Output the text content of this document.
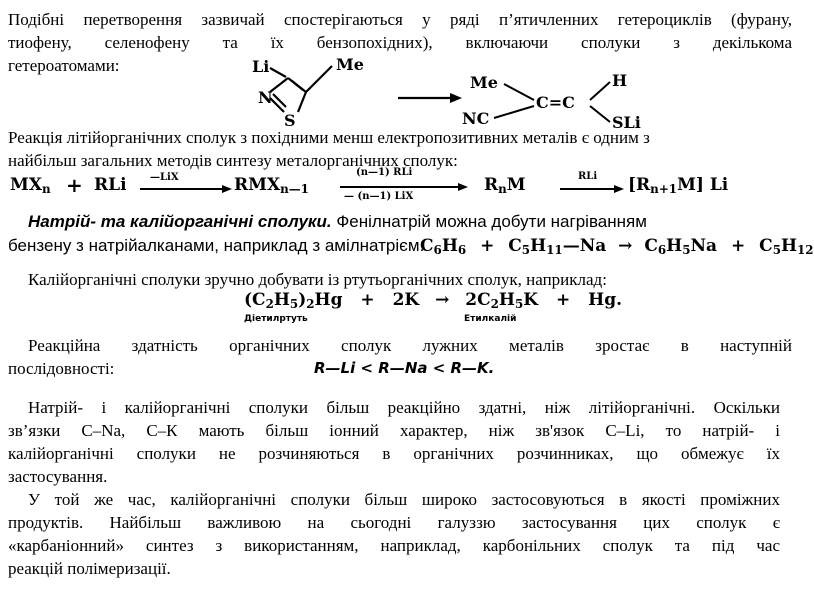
Подібні перетворення зазвичай спостерігаються у ряді п’ятичленних гетероциклів (фурану,
тиофену, селенофену та їх бензопохідних), включаючи сполуки з декількома
гетероатомами:	Li	Me
N
S
Me	H
NC	SLi
C=C
Реакція літійорганічних сполук з похідними менш електропозитивних металів є одним з
найбільш загальних методів синтезу металорганічних сполук:
$MX_n$ + RLi —LiX	$RMX_{n—1}$
(n—1) RLi
— (n—1) LiX
$R_nM$	RLi $[R_{n+1}M]$ Li
Натрій- та калійорганічні сполуки. Фенілнатрій можна добути нагріванням
бензену з натрійалканами, наприклад з амілнатрієм:
$C_6H_6$ + $C_5H_{11}—Na \to C_6H_5Na + C_5H_{12}$
Калійорганічні сполуки зручно добувати із ртутьорганічних сполук, наприклад:
$(C_2H_5)_2Hg + 2K \to 2C_2H_5K + Hg$.
Діетилртуть	Етилкалій
Реакційна здатність органічних сполук лужних металів зростає в наступній
послідовності:	R—Li < R—Na < R—K.
Натрій- і калійорганічні сполуки більш реакційно здатні, ніж літійорганічні. Оскільки
зв’язки С–Na, С–К мають більш іонний характер, ніж зв'язок C–Li, то натрій- і
калійорганічні сполуки не розчиняються в органічних розчинниках, що обмежує їх
застосування.
У той же час, калійорганічні сполуки більш широко застосовуються в якості проміжних
продуктів. Найбільш важливою на сьогодні галуззю застосування цих сполук є
«карбаніонний» синтез з використанням, наприклад, карбонільних сполук та під час
реакцій полімеризації.
